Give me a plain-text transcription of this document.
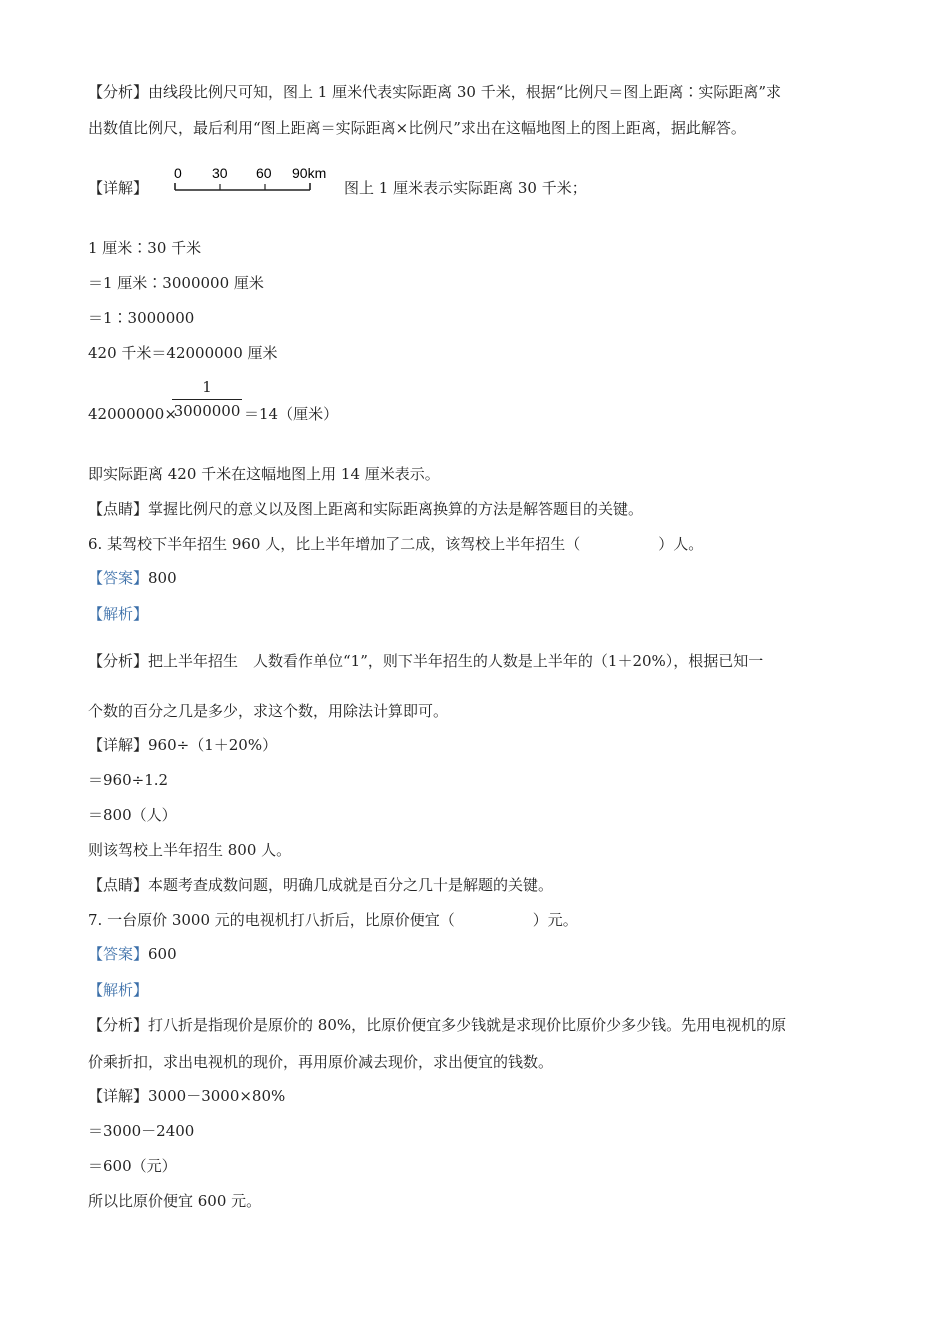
【分析】由线段比例尺可知，图上 1 厘米代表实际距离 30 千米，根据“比例尺＝图上距离∶实际距离”求
出数值比例尺，最后利用“图上距离＝实际距离×比例尺”求出在这幅地图上的图上距离，据此解答。
【详解】
0 30 60 90km
图上 1 厘米表示实际距离 30 千米；
1 厘米∶30 千米
＝1 厘米∶3000000 厘米
＝1∶3000000
420 千米＝42000000 厘米
42000000×
1
3000000 ＝14（厘米）
即实际距离 420 千米在这幅地图上用 14 厘米表示。
【点睛】掌握比例尺的意义以及图上距离和实际距离换算的方法是解答题目的关键。
6. 某驾校下半年招生 960 人，比上半年增加了二成，该驾校上半年招生（	）人。
【答案】800
【解析】
【分析】把上半年招生　人数看作单位“1”，则下半年招生的人数是上半年的（1＋20%），根据已知一
个数的百分之几是多少，求这个数，用除法计算即可。
【详解】960÷（1＋20%）
＝960÷1.2
＝800（人）
则该驾校上半年招生 800 人。
【点睛】本题考查成数问题，明确几成就是百分之几十是解题的关键。
7. 一台原价 3000 元的电视机打八折后，比原价便宜（	）元。
【答案】600
【解析】
【分析】打八折是指现价是原价的 80%，比原价便宜多少钱就是求现价比原价少多少钱。先用电视机的原
价乘折扣，求出电视机的现价，再用原价减去现价，求出便宜的钱数。
【详解】3000－3000×80%
＝3000－2400
＝600（元）
所以比原价便宜 600 元。
